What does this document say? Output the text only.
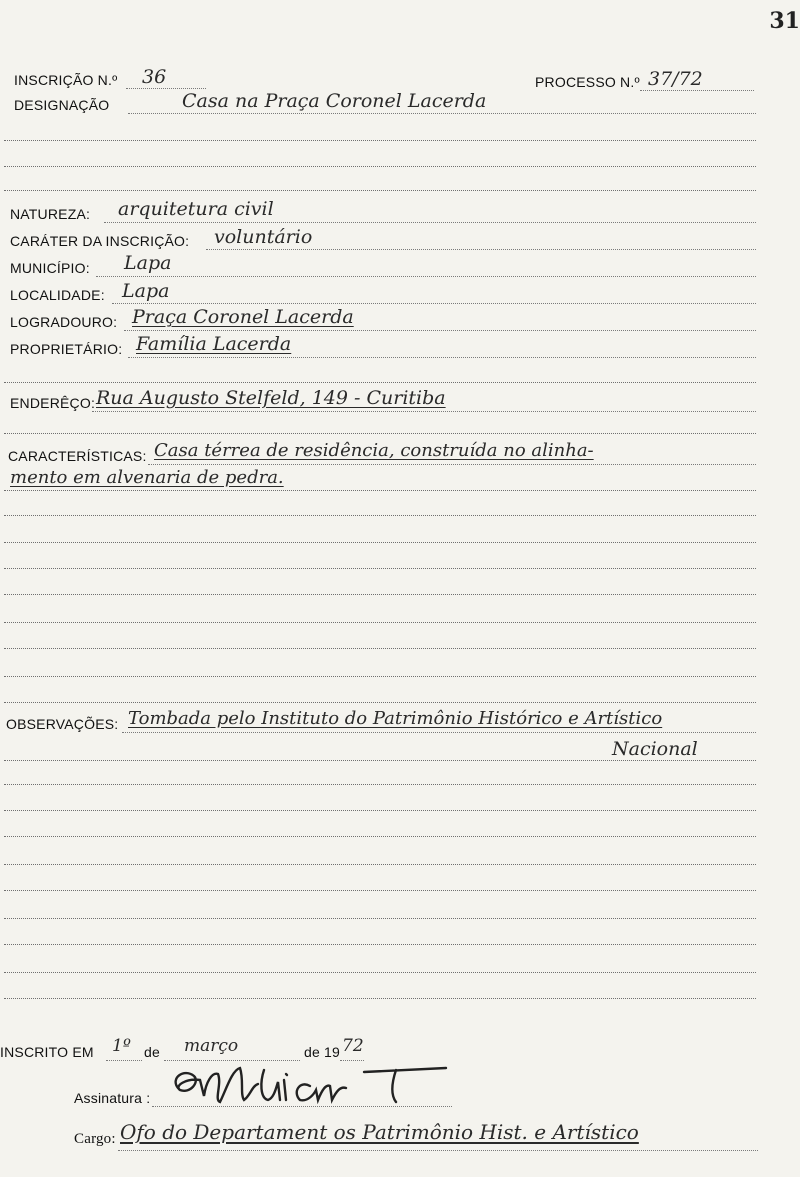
31
INSCRIÇÃO N.º 36	PROCESSO N.º 37/72
DESIGNAÇÃO	Casa na Praça Coronel Lacerda
NATUREZA: arquitetura civil
CARÁTER DA INSCRIÇÃO: voluntário
MUNICÍPIO: Lapa
LOCALIDADE: Lapa
LOGRADOURO: Praça Coronel Lacerda
PROPRIETÁRIO: Família Lacerda
ENDERÊÇO: Rua Augusto Stelfeld, 149 - Curitiba
CARACTERÍSTICAS: Casa térrea de residência, construída no alinha-
mento em alvenaria de pedra.
OBSERVAÇÕES: Tombada pelo Instituto do Patrimônio Histórico e Artístico
Nacional
INSCRITO EM 1º de março	de 19 72
Assinatura :
Cargo: Ofo do Departament os Patrimônio Hist. e Artístico
